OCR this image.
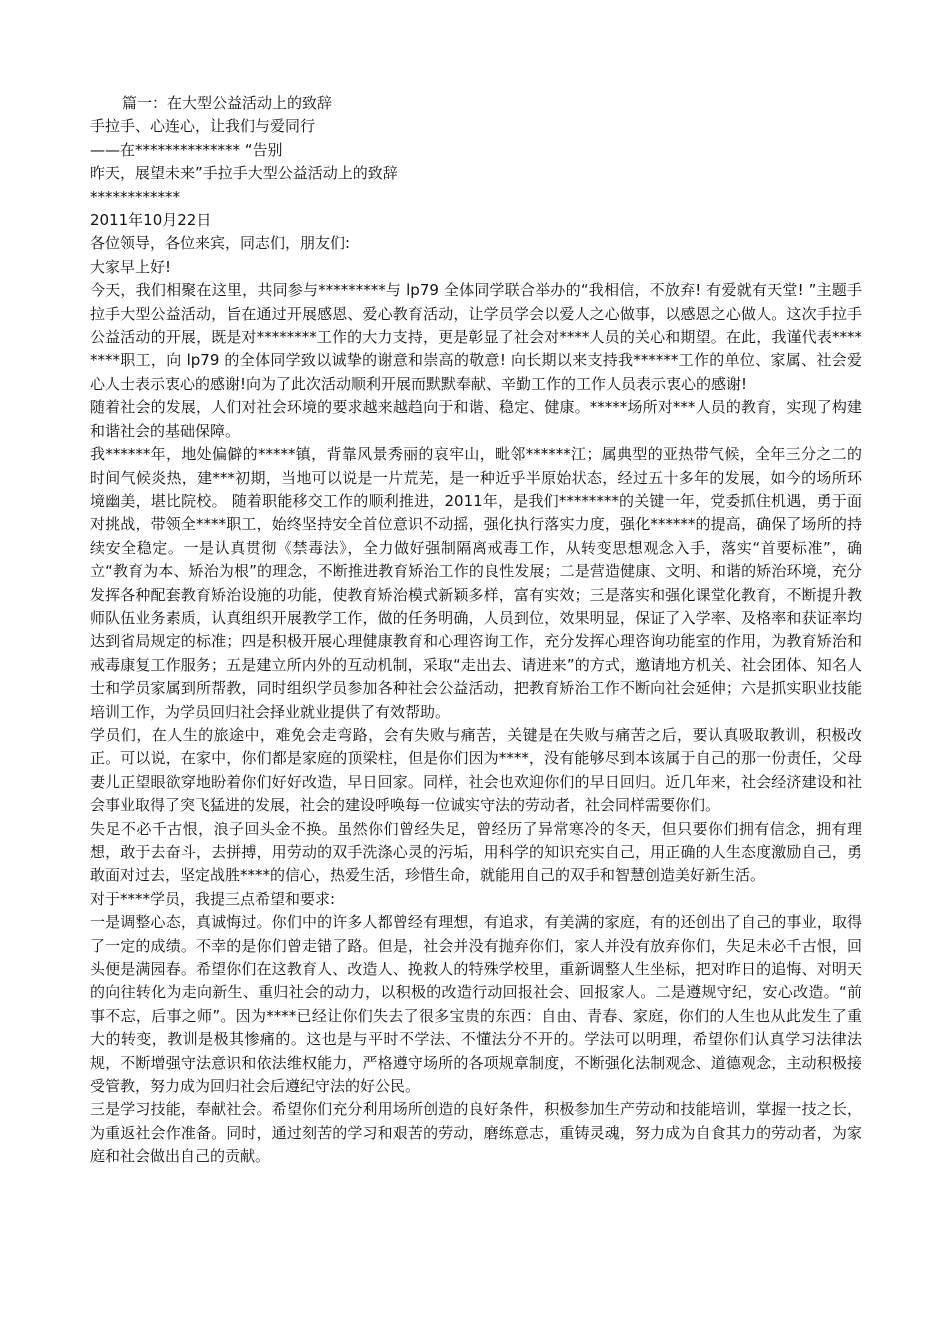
篇一：在大型公益活动上的致辞

手拉手、心连心，让我们与爱同行

——在************** “告别

昨天，展望未来”手拉手大型公益活动上的致辞

************

2011年10月22日

各位领导，各位来宾，同志们，朋友们:

大家早上好!

今天，我们相聚在这里，共同参与*********与 lp79 全体同学联合举办的“我相信，不放弃! 有爱就有天堂! ”主题手拉手大型公益活动，旨在通过开展感恩、爱心教育活动，让学员学会以爱人之心做事，以感恩之心做人。这次手拉手公益活动的开展，既是对********工作的大力支持，更是彰显了社会对****人员的关心和期望。在此，我谨代表********职工，向 lp79 的全体同学致以诚挚的谢意和崇高的敬意! 向长期以来支持我******工作的单位、家属、社会爱心人士表示衷心的感谢!向为了此次活动顺利开展而默默奉献、辛勤工作的工作人员表示衷心的感谢!

随着社会的发展，人们对社会环境的要求越来越趋向于和谐、稳定、健康。*****场所对***人员的教育，实现了构建和谐社会的基础保障。

我******年，地处偏僻的*****镇，背靠风景秀丽的哀牢山，毗邻******江；属典型的亚热带气候，全年三分之二的时间气候炎热，建***初期，当地可以说是一片荒芜，是一种近乎半原始状态，经过五十多年的发展，如今的场所环境幽美，堪比院校。 随着职能移交工作的顺利推进，2011年，是我们********的关键一年，党委抓住机遇，勇于面对挑战，带领全****职工，始终坚持安全首位意识不动摇，强化执行落实力度，强化******的提高，确保了场所的持续安全稳定。一是认真贯彻《禁毒法》，全力做好强制隔离戒毒工作，从转变思想观念入手，落实“首要标准”，确立“教育为本、矫治为根”的理念，不断推进教育矫治工作的良性发展；二是营造健康、文明、和谐的矫治环境，充分发挥各种配套教育矫治设施的功能，使教育矫治模式新颖多样，富有实效；三是落实和强化课堂化教育，不断提升教师队伍业务素质，认真组织开展教学工作，做的任务明确，人员到位，效果明显，保证了入学率、及格率和获证率均达到省局规定的标准；四是积极开展心理健康教育和心理咨询工作，充分发挥心理咨询功能室的作用，为教育矫治和戒毒康复工作服务；五是建立所内外的互动机制，采取“走出去、请进来”的方式，邀请地方机关、社会团体、知名人士和学员家属到所帮教，同时组织学员参加各种社会公益活动，把教育矫治工作不断向社会延伸；六是抓实职业技能培训工作，为学员回归社会择业就业提供了有效帮助。

学员们，在人生的旅途中，难免会走弯路，会有失败与痛苦，关键是在失败与痛苦之后，要认真吸取教训，积极改正。可以说，在家中，你们都是家庭的顶梁柱，但是你们因为****，没有能够尽到本该属于自己的那一份责任，父母妻儿正望眼欲穿地盼着你们好好改造，早日回家。同样，社会也欢迎你们的早日回归。近几年来，社会经济建设和社会事业取得了突飞猛进的发展，社会的建设呼唤每一位诚实守法的劳动者，社会同样需要你们。

失足不必千古恨，浪子回头金不换。虽然你们曾经失足，曾经历了异常寒冷的冬天，但只要你们拥有信念，拥有理想，敢于去奋斗，去拼搏，用劳动的双手洗涤心灵的污垢，用科学的知识充实自己，用正确的人生态度激励自己，勇敢面对过去，坚定战胜****的信心，热爱生活，珍惜生命，就能用自己的双手和智慧创造美好新生活。

对于****学员，我提三点希望和要求:

一是调整心态，真诚悔过。你们中的许多人都曾经有理想，有追求，有美满的家庭，有的还创出了自己的事业，取得了一定的成绩。不幸的是你们曾走错了路。但是，社会并没有抛弃你们，家人并没有放弃你们，失足未必千古恨，回头便是满园春。希望你们在这教育人、改造人、挽救人的特殊学校里，重新调整人生坐标，把对昨日的追悔、对明天的向往转化为走向新生、重归社会的动力，以积极的改造行动回报社会、回报家人。二是遵规守纪，安心改造。“前事不忘，后事之师”。因为****已经让你们失去了很多宝贵的东西：自由、青春、家庭，你们的人生也从此发生了重大的转变，教训是极其惨痛的。这也是与平时不学法、不懂法分不开的。学法可以明理，希望你们认真学习法律法规，不断增强守法意识和依法维权能力，严格遵守场所的各项规章制度，不断强化法制观念、道德观念，主动积极接受管教，努力成为回归社会后遵纪守法的好公民。

三是学习技能，奉献社会。希望你们充分利用场所创造的良好条件，积极参加生产劳动和技能培训，掌握一技之长，为重返社会作准备。同时，通过刻苦的学习和艰苦的劳动，磨练意志，重铸灵魂，努力成为自食其力的劳动者，为家庭和社会做出自己的贡献。
